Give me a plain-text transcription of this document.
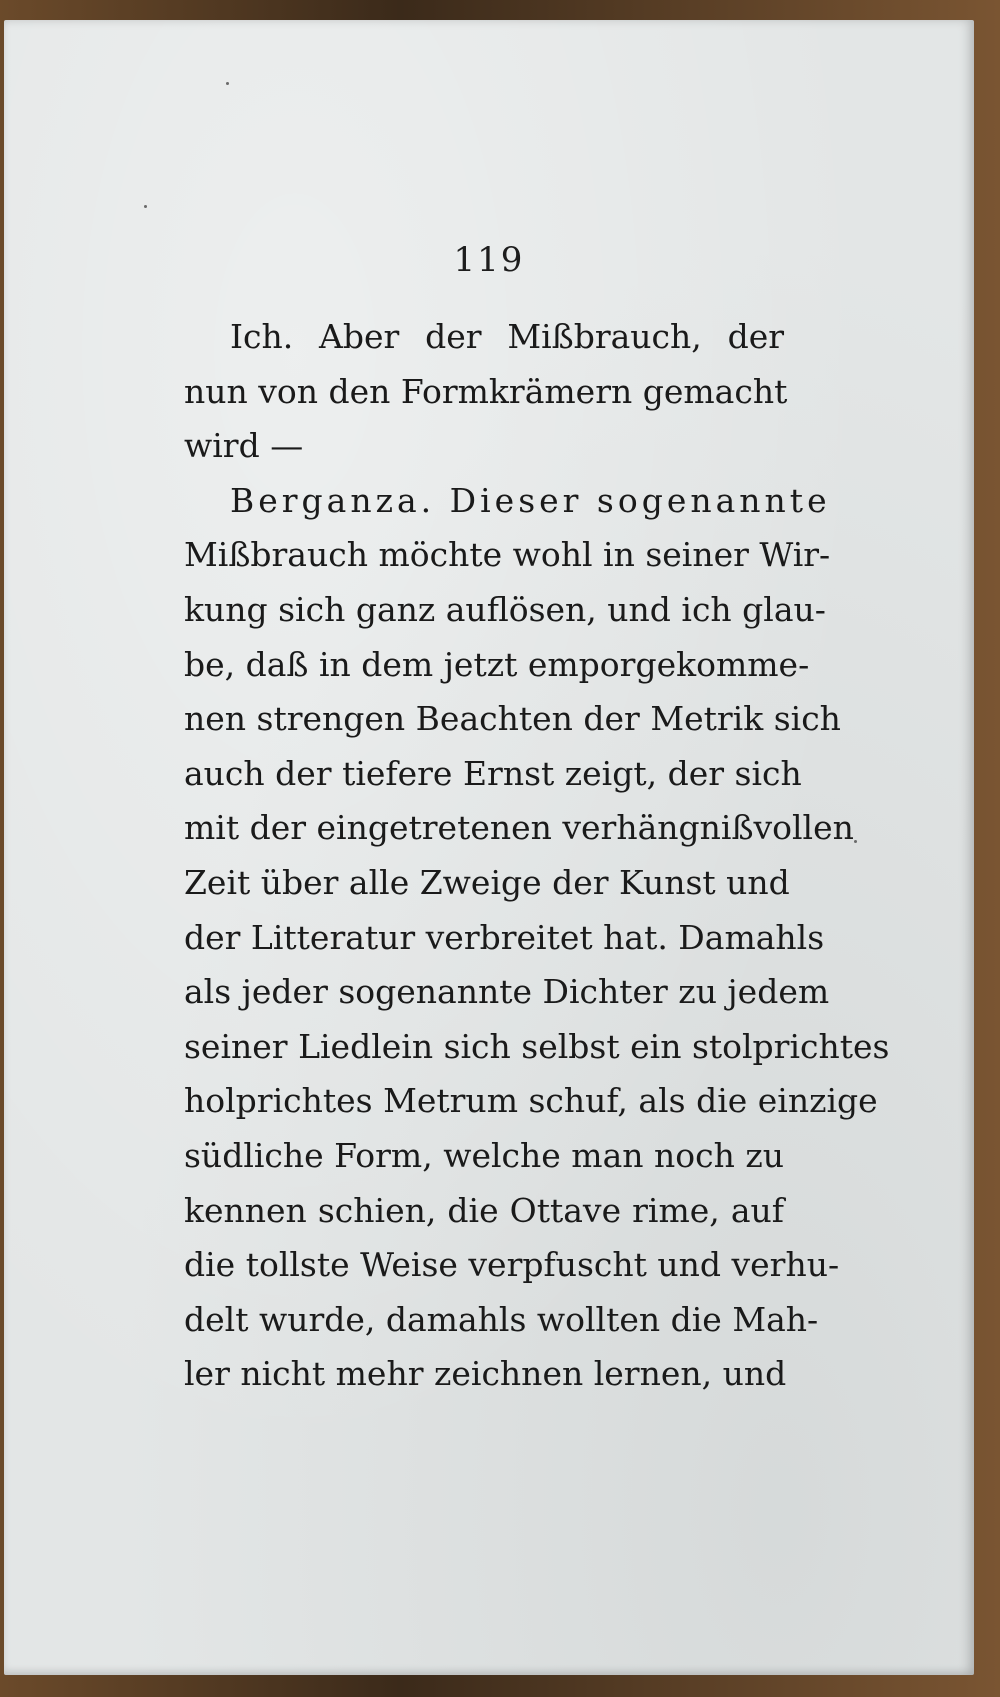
119
Ich. Aber der Mißbrauch, der
nun von den Formkrämern gemacht
wird —
Berganza. Dieser sogenannte
Mißbrauch möchte wohl in seiner Wir-
kung sich ganz auflösen, und ich glau-
be, daß in dem jetzt emporgekomme-
nen strengen Beachten der Metrik sich
auch der tiefere Ernst zeigt, der sich
mit der eingetretenen verhängnißvollen
Zeit über alle Zweige der Kunst und
der Litteratur verbreitet hat. Damahls
als jeder sogenannte Dichter zu jedem
seiner Liedlein sich selbst ein stolprichtes
holprichtes Metrum schuf, als die einzige
südliche Form, welche man noch zu
kennen schien, die Ottave rime, auf
die tollste Weise verpfuscht und verhu-
delt wurde, damahls wollten die Mah-
ler nicht mehr zeichnen lernen, und
